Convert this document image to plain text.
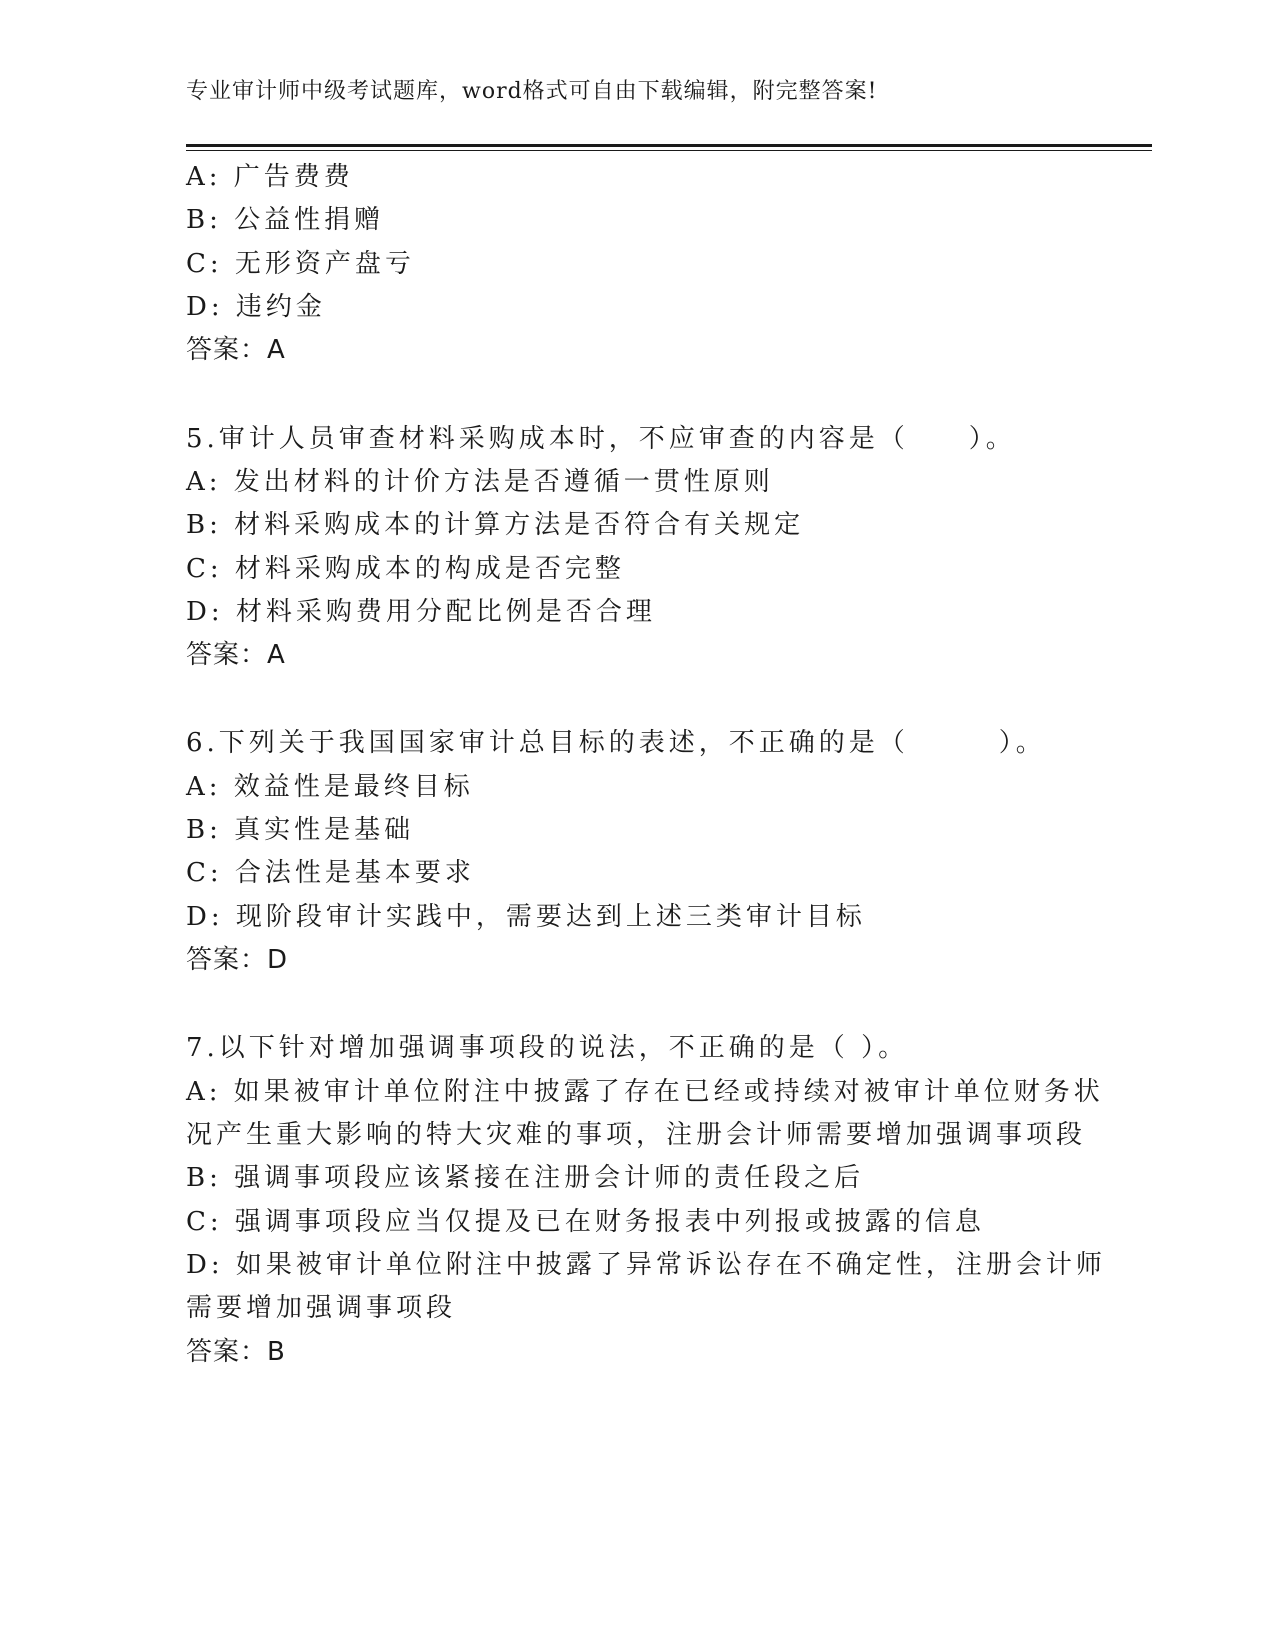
专业审计师中级考试题库，word格式可自由下载编辑，附完整答案!
A: 广告费费
B: 公益性捐赠
C: 无形资产盘亏
D: 违约金
答案：A
5.审计人员审查材料采购成本时，不应审查的内容是（　　）。
A: 发出材料的计价方法是否遵循一贯性原则
B: 材料采购成本的计算方法是否符合有关规定
C: 材料采购成本的构成是否完整
D: 材料采购费用分配比例是否合理
答案：A
6.下列关于我国国家审计总目标的表述，不正确的是（　　　）。
A: 效益性是最终目标
B: 真实性是基础
C: 合法性是基本要求
D: 现阶段审计实践中，需要达到上述三类审计目标
答案：D
7.以下针对增加强调事项段的说法，不正确的是（ ）。
A: 如果被审计单位附注中披露了存在已经或持续对被审计单位财务状
况产生重大影响的特大灾难的事项，注册会计师需要增加强调事项段
B: 强调事项段应该紧接在注册会计师的责任段之后
C: 强调事项段应当仅提及已在财务报表中列报或披露的信息
D: 如果被审计单位附注中披露了异常诉讼存在不确定性，注册会计师
需要增加强调事项段
答案：B
